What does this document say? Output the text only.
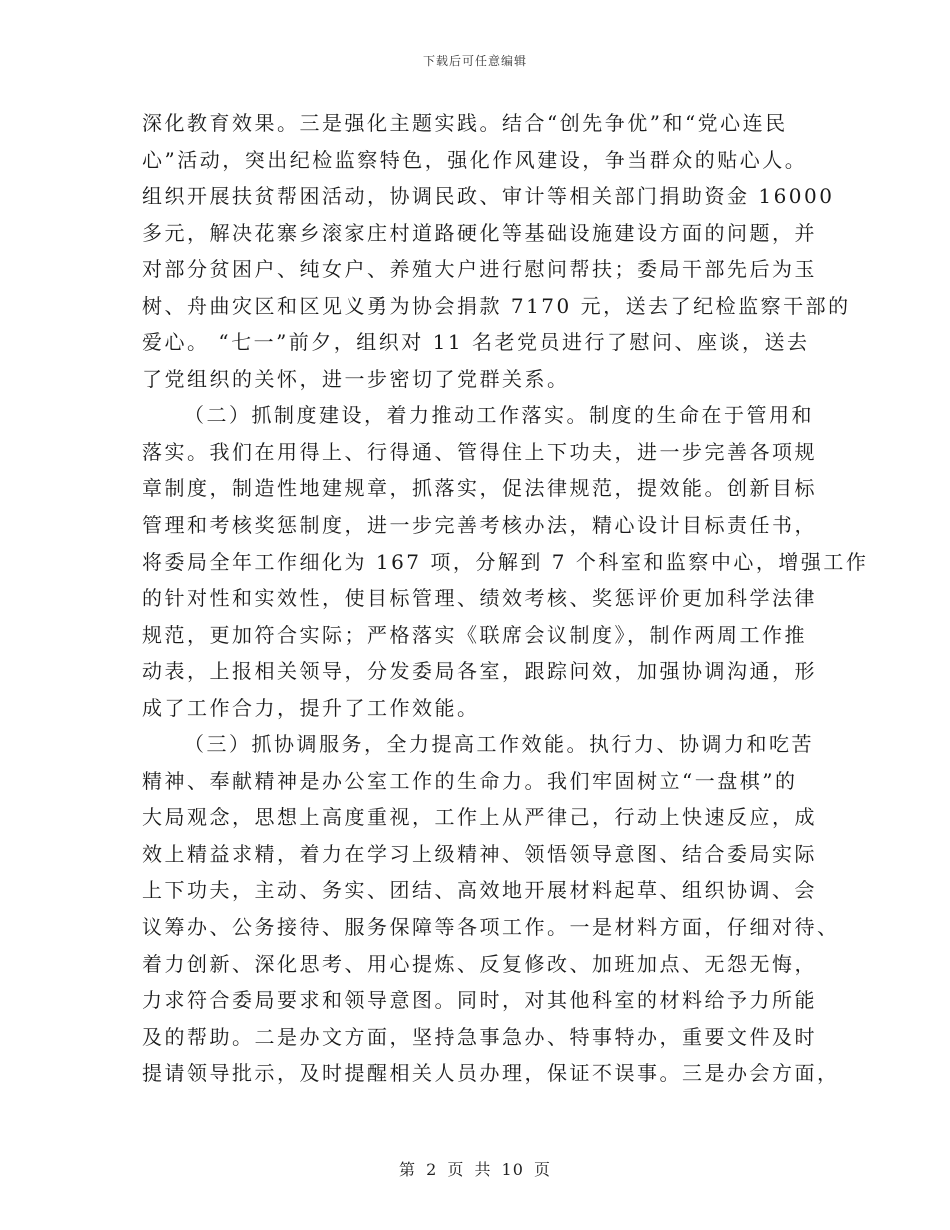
下载后可任意编辑
深化教育效果。三是强化主题实践。结合“创先争优”和“党心连民
心”活动，突出纪检监察特色，强化作风建设，争当群众的贴心人。
组织开展扶贫帮困活动，协调民政、审计等相关部门捐助资金 16000
多元，解决花寨乡滚家庄村道路硬化等基础设施建设方面的问题，并
对部分贫困户、纯女户、养殖大户进行慰问帮扶；委局干部先后为玉
树、舟曲灾区和区见义勇为协会捐款 7170 元，送去了纪检监察干部的
爱心。 “七一”前夕，组织对 11 名老党员进行了慰问、座谈，送去
了党组织的关怀，进一步密切了党群关系。
（二）抓制度建设，着力推动工作落实。制度的生命在于管用和
落实。我们在用得上、行得通、管得住上下功夫，进一步完善各项规
章制度，制造性地建规章，抓落实，促法律规范，提效能。创新目标
管理和考核奖惩制度，进一步完善考核办法，精心设计目标责任书，
将委局全年工作细化为 167 项，分解到 7 个科室和监察中心，增强工作
的针对性和实效性，使目标管理、绩效考核、奖惩评价更加科学法律
规范，更加符合实际；严格落实《联席会议制度》，制作两周工作推
动表，上报相关领导，分发委局各室，跟踪问效，加强协调沟通，形
成了工作合力，提升了工作效能。
（三）抓协调服务，全力提高工作效能。执行力、协调力和吃苦
精神、奉献精神是办公室工作的生命力。我们牢固树立“一盘棋”的
大局观念，思想上高度重视，工作上从严律己，行动上快速反应，成
效上精益求精，着力在学习上级精神、领悟领导意图、结合委局实际
上下功夫，主动、务实、团结、高效地开展材料起草、组织协调、会
议筹办、公务接待、服务保障等各项工作。一是材料方面，仔细对待、
着力创新、深化思考、用心提炼、反复修改、加班加点、无怨无悔，
力求符合委局要求和领导意图。同时，对其他科室的材料给予力所能
及的帮助。二是办文方面，坚持急事急办、特事特办，重要文件及时
提请领导批示，及时提醒相关人员办理，保证不误事。三是办会方面，
第 2 页 共 10 页
